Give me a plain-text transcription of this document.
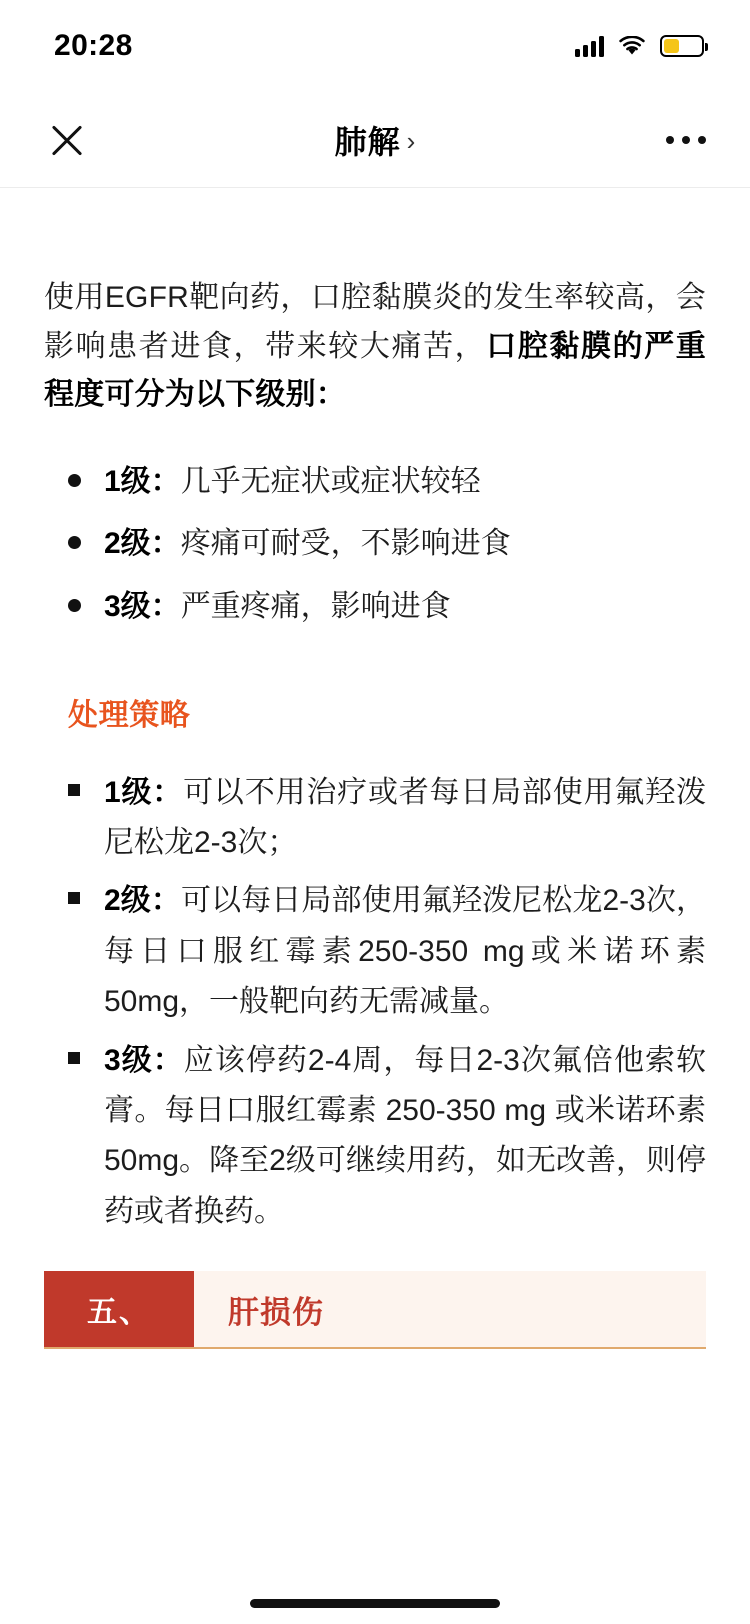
20:28
肺解 ›

使用EGFR靶向药，口腔黏膜炎的发生率较高，会影响患者进食，带来较大痛苦，口腔黏膜的严重程度可分为以下级别：

1级：几乎无症状或症状较轻
2级：疼痛可耐受，不影响进食
3级：严重疼痛，影响进食
处理策略
1级：可以不用治疗或者每日局部使用氟羟泼尼松龙2-3次；
2级：可以每日局部使用氟羟泼尼松龙2-3次，每日口服红霉素250-350 mg或米诺环素50mg，一般靶向药无需减量。
3级：应该停药2-4周，每日2-3次氟倍他索软膏。每日口服红霉素 250-350 mg 或米诺环素50mg。降至2级可继续用药，如无改善，则停药或者换药。
五、	肝损伤
